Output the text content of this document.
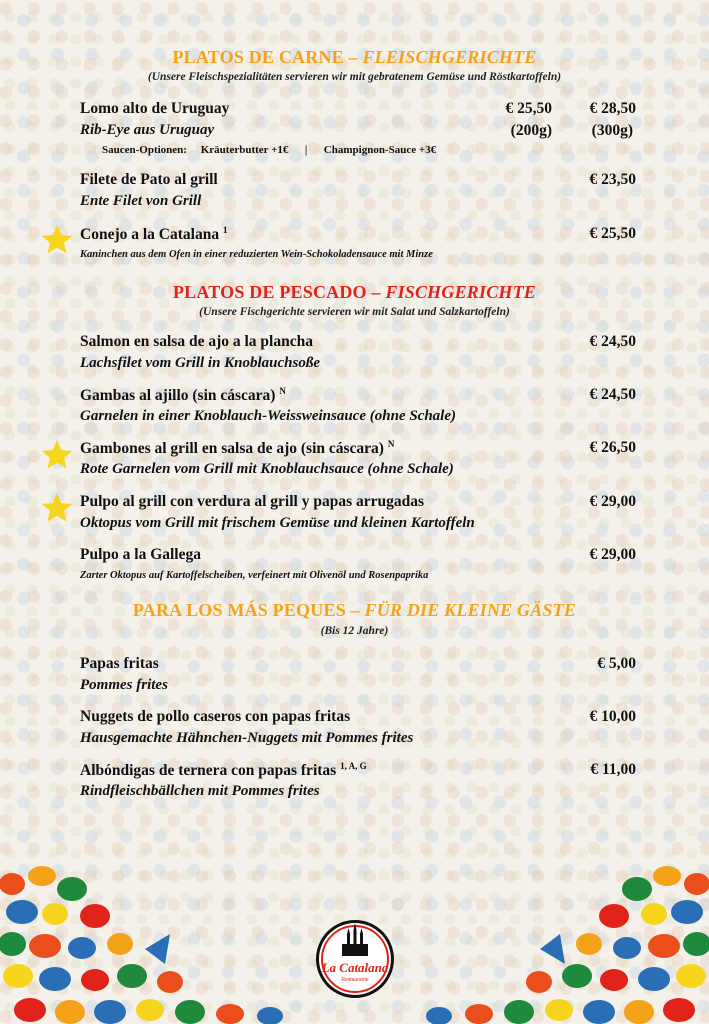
PLATOS DE CARNE – FLEISCHGERICHTE
(Unsere Fleischspezialitäten servieren wir mit gebratenem Gemüse und Röstkartoffeln)
Lomo alto de Uruguay	€ 25,50 € 28,50
Rib-Eye aus Uruguay	(200g)	(300g)
Saucen-Optionen: Kräuterbutter +1€ | Champignon-Sauce +3€
Filete de Pato al grill	€ 23,50
Ente Filet von Grill
Conejo a la Catalana $^1$	€ 25,50
Kaninchen aus dem Ofen in einer reduzierten Wein-Schokoladensauce mit Minze
PLATOS DE PESCADO – FISCHGERICHTE
(Unsere Fischgerichte servieren wir mit Salat und Salzkartoffeln)
Salmon en salsa de ajo a la plancha	€ 24,50
Lachsfilet vom Grill in Knoblauchsoße
Gambas al ajillo (sin cáscara) $^N$	€ 24,50
Garnelen in einer Knoblauch-Weissweinsauce (ohne Schale)
Gambones al grill en salsa de ajo (sin cáscara) $^N$	€ 26,50
Rote Garnelen vom Grill mit Knoblauchsauce (ohne Schale)
Pulpo al grill con verdura al grill y papas arrugadas	€ 29,00
Oktopus vom Grill mit frischem Gemüse und kleinen Kartoffeln
Pulpo a la Gallega	€ 29,00
Zarter Oktopus auf Kartoffelscheiben, verfeinert mit Olivenöl und Rosenpaprika
PARA LOS MÁS PEQUES – FÜR DIE KLEINE GÄSTE
(Bis 12 Jahre)
Papas fritas	€ 5,00
Pommes frites
Nuggets de pollo caseros con papas fritas	€ 10,00
Hausgemachte Hähnchen-Nuggets mit Pommes frites
Albóndigas de ternera con papas fritas $^{1, A, G}$	€ 11,00
Rindfleischbällchen mit Pommes frites
La Catalana
Restaurante
